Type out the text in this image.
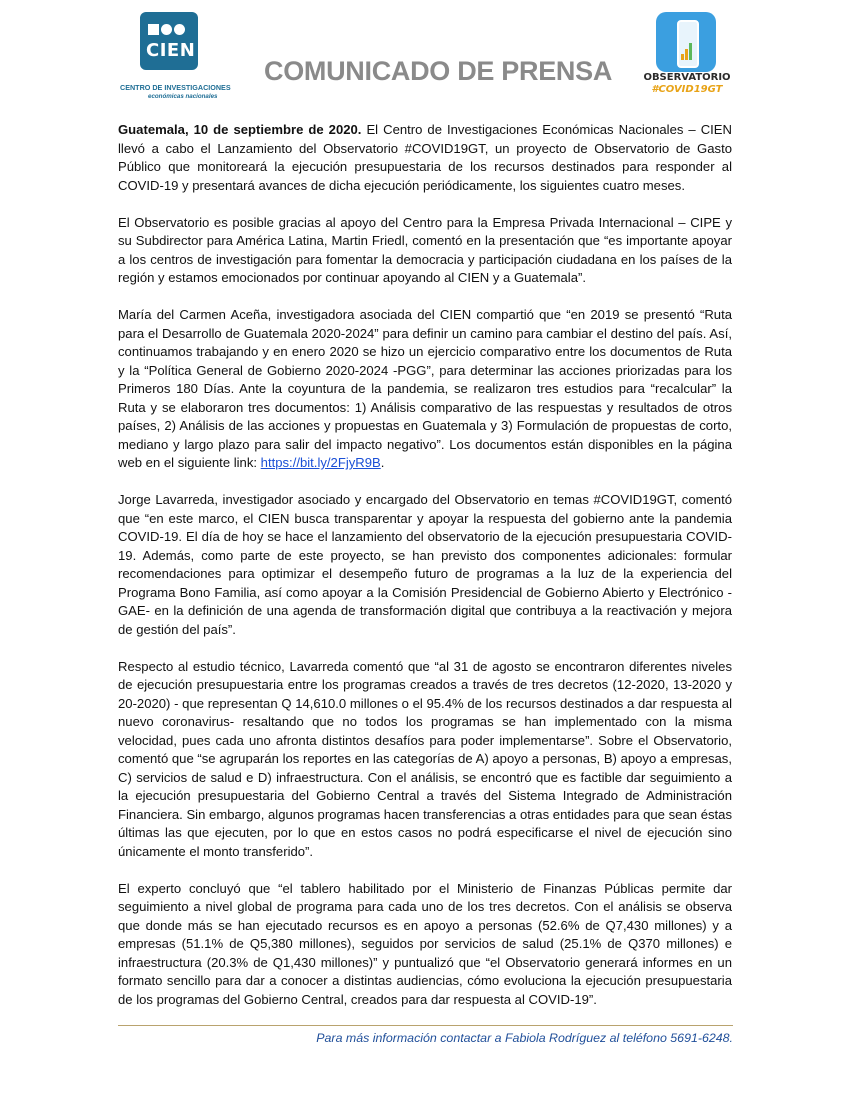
CIEN
CENTRO DE INVESTIGACIONES
económicas nacionales
COMUNICADO DE PRENSA	OBSERVATORIO
#COVID19GT

Guatemala, 10 de septiembre de 2020. El Centro de Investigaciones Económicas Nacionales – CIEN llevó a cabo el Lanzamiento del Observatorio #COVID19GT, un proyecto de Observatorio de Gasto Público que monitoreará la ejecución presupuestaria de los recursos destinados para responder al COVID-19 y presentará avances de dicha ejecución periódicamente, los siguientes cuatro meses.

El Observatorio es posible gracias al apoyo del Centro para la Empresa Privada Internacional – CIPE y su Subdirector para América Latina, Martin Friedl, comentó en la presentación que “es importante apoyar a los centros de investigación para fomentar la democracia y participación ciudadana en los países de la región y estamos emocionados por continuar apoyando al CIEN y a Guatemala”.

María del Carmen Aceña, investigadora asociada del CIEN compartió que “en 2019 se presentó “Ruta para el Desarrollo de Guatemala 2020-2024” para definir un camino para cambiar el destino del país. Así, continuamos trabajando y en enero 2020 se hizo un ejercicio comparativo entre los documentos de Ruta y la “Política General de Gobierno 2020-2024 -PGG”, para determinar las acciones priorizadas para los Primeros 180 Días. Ante la coyuntura de la pandemia, se realizaron tres estudios para “recalcular” la Ruta y se elaboraron tres documentos: 1) Análisis comparativo de las respuestas y resultados de otros países, 2) Análisis de las acciones y propuestas en Guatemala y 3) Formulación de propuestas de corto, mediano y largo plazo para salir del impacto negativo”. Los documentos están disponibles en la página web en el siguiente link: https://bit.ly/2FjyR9B.

Jorge Lavarreda, investigador asociado y encargado del Observatorio en temas #COVID19GT, comentó que “en este marco, el CIEN busca transparentar y apoyar la respuesta del gobierno ante la pandemia COVID-19. El día de hoy se hace el lanzamiento del observatorio de la ejecución presupuestaria COVID-19. Además, como parte de este proyecto, se han previsto dos componentes adicionales: formular recomendaciones para optimizar el desempeño futuro de programas a la luz de la experiencia del Programa Bono Familia, así como apoyar a la Comisión Presidencial de Gobierno Abierto y Electrónico -GAE- en la definición de una agenda de transformación digital que contribuya a la reactivación y mejora de gestión del país”.

Respecto al estudio técnico, Lavarreda comentó que “al 31 de agosto se encontraron diferentes niveles de ejecución presupuestaria entre los programas creados a través de tres decretos (12-2020, 13-2020 y 20-2020) - que representan Q 14,610.0 millones o el 95.4% de los recursos destinados a dar respuesta al nuevo coronavirus- resaltando que no todos los programas se han implementado con la misma velocidad, pues cada uno afronta distintos desafíos para poder implementarse”. Sobre el Observatorio, comentó que “se agruparán los reportes en las categorías de A) apoyo a personas, B) apoyo a empresas, C) servicios de salud e D) infraestructura. Con el análisis, se encontró que es factible dar seguimiento a la ejecución presupuestaria del Gobierno Central a través del Sistema Integrado de Administración Financiera. Sin embargo, algunos programas hacen transferencias a otras entidades para que sean éstas últimas las que ejecuten, por lo que en estos casos no podrá especificarse el nivel de ejecución sino únicamente el monto transferido”.

El experto concluyó que “el tablero habilitado por el Ministerio de Finanzas Públicas permite dar seguimiento a nivel global de programa para cada uno de los tres decretos. Con el análisis se observa que donde más se han ejecutado recursos es en apoyo a personas (52.6% de Q7,430 millones) y a empresas (51.1% de Q5,380 millones), seguidos por servicios de salud (25.1% de Q370 millones) e infraestructura (20.3% de Q1,430 millones)” y puntualizó que “el Observatorio generará informes en un formato sencillo para dar a conocer a distintas audiencias, cómo evoluciona la ejecución presupuestaria de los programas del Gobierno Central, creados para dar respuesta al COVID-19”.

Para más información contactar a Fabiola Rodríguez al teléfono 5691-6248.
